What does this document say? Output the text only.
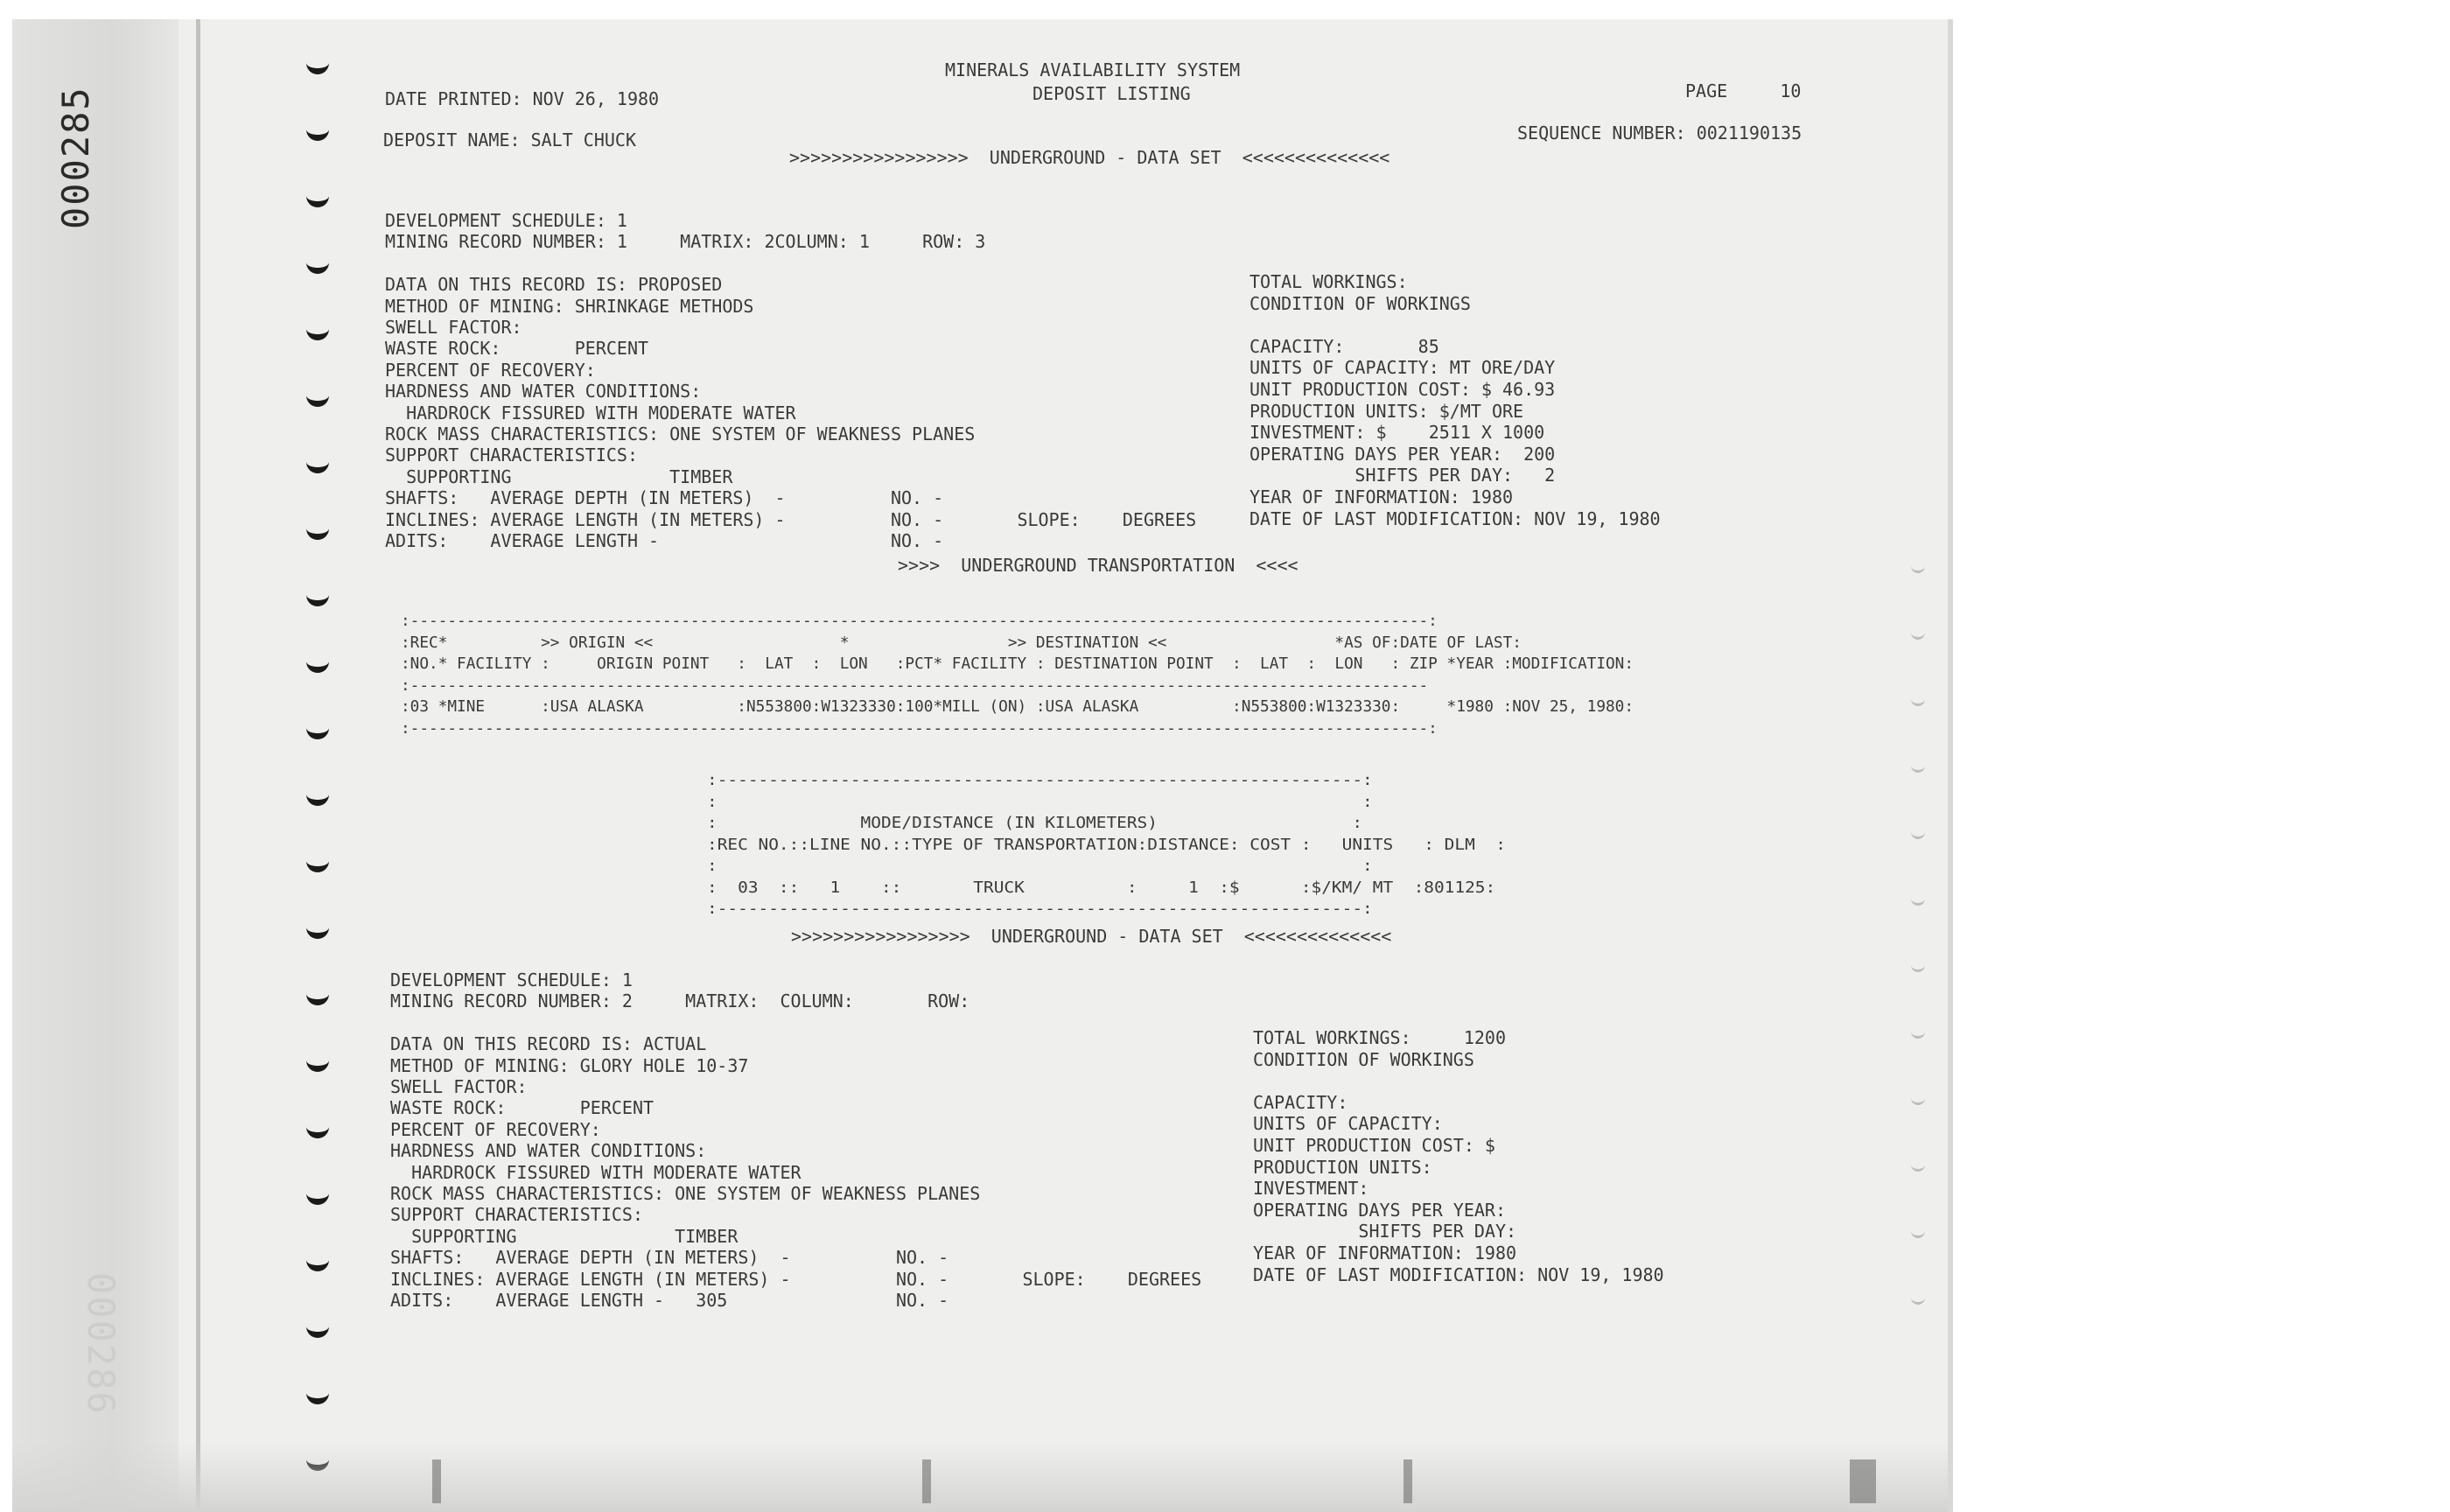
000285
000286
MINERALS AVAILABILITY SYSTEM
DEPOSIT LISTING
DATE PRINTED: NOV 26, 1980	PAGE     10
DEPOSIT NAME: SALT CHUCK	SEQUENCE NUMBER: 0021190135
>>>>>>>>>>>>>>>>>  UNDERGROUND - DATA SET  <<<<<<<<<<<<<<
DEVELOPMENT SCHEDULE: 1
MINING RECORD NUMBER: 1     MATRIX: 2COLUMN: 1     ROW: 3
DATA ON THIS RECORD IS: PROPOSED
METHOD OF MINING: SHRINKAGE METHODS
SWELL FACTOR:
WASTE ROCK:       PERCENT
PERCENT OF RECOVERY:
HARDNESS AND WATER CONDITIONS:
HARDROCK FISSURED WITH MODERATE WATER
ROCK MASS CHARACTERISTICS: ONE SYSTEM OF WEAKNESS PLANES
SUPPORT CHARACTERISTICS:
SUPPORTING               TIMBER
SHAFTS:   AVERAGE DEPTH (IN METERS)  -          NO. -
INCLINES: AVERAGE LENGTH (IN METERS) -          NO. -       SLOPE:    DEGREES
ADITS:    AVERAGE LENGTH -                      NO. -
TOTAL WORKINGS:
CONDITION OF WORKINGS
CAPACITY:       85
UNITS OF CAPACITY: MT ORE/DAY
UNIT PRODUCTION COST: $ 46.93
PRODUCTION UNITS: $/MT ORE
INVESTMENT: $    2511 X 1000
OPERATING DAYS PER YEAR:  200
SHIFTS PER DAY:   2
YEAR OF INFORMATION: 1980
DATE OF LAST MODIFICATION: NOV 19, 1980
>>>>  UNDERGROUND TRANSPORTATION  <<<<
:-------------------------------------------------------------------------------------------------------------:
:REC*          >> ORIGIN <<                    *                 >> DESTINATION <<                  *AS OF:DATE OF LAST:
:NO.* FACILITY :     ORIGIN POINT   :  LAT  :  LON   :PCT* FACILITY : DESTINATION POINT  :  LAT  :  LON   : ZIP *YEAR :MODIFICATION:
:-------------------------------------------------------------------------------------------------------------
:03 *MINE      :USA ALASKA          :N553800:W1323330:100*MILL (ON) :USA ALASKA          :N553800:W1323330:     *1980 :NOV 25, 1980:
:-------------------------------------------------------------------------------------------------------------:
:---------------------------------------------------------------:
:                                                               :
:              MODE/DISTANCE (IN KILOMETERS)                   :
:REC NO.::LINE NO.::TYPE OF TRANSPORTATION:DISTANCE: COST :   UNITS   : DLM  :
:                                                               :
:  03  ::   1    ::       TRUCK          :     1  :$      :$/KM/ MT  :801125:
:---------------------------------------------------------------:
>>>>>>>>>>>>>>>>>  UNDERGROUND - DATA SET  <<<<<<<<<<<<<<
DEVELOPMENT SCHEDULE: 1
MINING RECORD NUMBER: 2     MATRIX:  COLUMN:       ROW:
DATA ON THIS RECORD IS: ACTUAL
METHOD OF MINING: GLORY HOLE 10-37
SWELL FACTOR:
WASTE ROCK:       PERCENT
PERCENT OF RECOVERY:
HARDNESS AND WATER CONDITIONS:
HARDROCK FISSURED WITH MODERATE WATER
ROCK MASS CHARACTERISTICS: ONE SYSTEM OF WEAKNESS PLANES
SUPPORT CHARACTERISTICS:
SUPPORTING               TIMBER
SHAFTS:   AVERAGE DEPTH (IN METERS)  -          NO. -
INCLINES: AVERAGE LENGTH (IN METERS) -          NO. -       SLOPE:    DEGREES
ADITS:    AVERAGE LENGTH -   305                NO. -
TOTAL WORKINGS:     1200
CONDITION OF WORKINGS
CAPACITY:
UNITS OF CAPACITY:
UNIT PRODUCTION COST: $
PRODUCTION UNITS:
INVESTMENT:
OPERATING DAYS PER YEAR:
SHIFTS PER DAY:
YEAR OF INFORMATION: 1980
DATE OF LAST MODIFICATION: NOV 19, 1980
